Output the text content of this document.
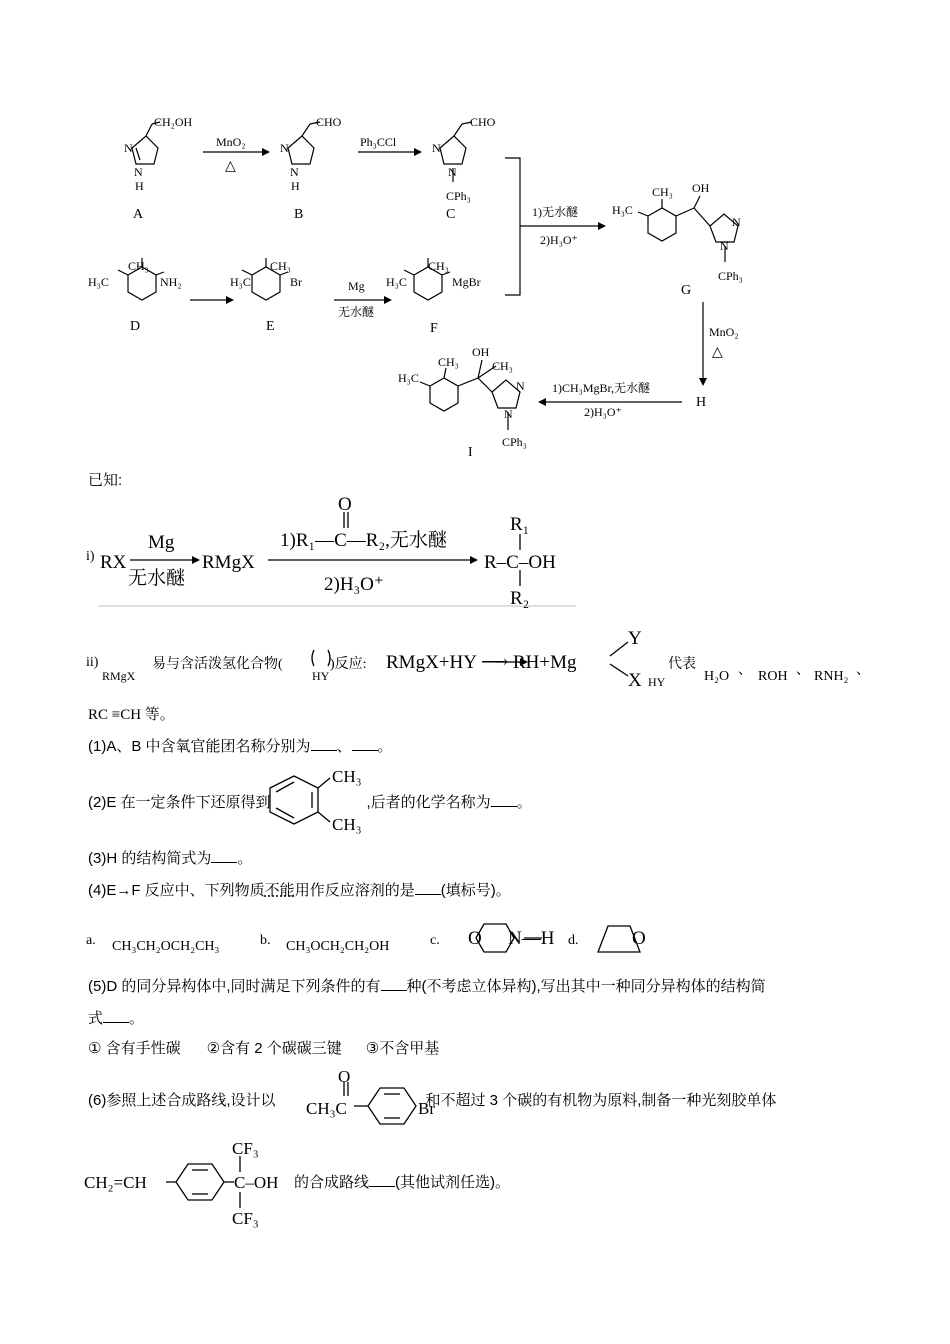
CH₂OH
N
N
H
A
MnO₂
△
CHO
N
N
H
B
Ph₃CCl
CHO
N
N
CPh₃
C	1)无水醚
2)H₃O⁺
H₃C
CH₃ OH
N
N
CPh₃
G
H₃C
CH₃
NH₂
D
H₃C
CH₃
Br
E
Mg
无水醚
H₃C
CH₃
MgBr
F	MnO₂
△
H
1)CH₃MgBr,无水醚
2)H₃O⁺
H₃C
CH₃
OH
CH₃
N
N
CPh₃
I
已知:
i) RX
Mg
无水醚
RMgX
O
1)R₁—C—R₂,无水醚
2)H₃O⁺
R–C–OH
R₁
R₂
ii)
RMgX
易与含活泼氢化合物(
HY
)反应: RMgX+HY ⟶ RH+Mg
Y
X HY
代表
H₂O 、 ROH 、 RNH₂ 、
RC ≡CH 等。
(1)A、B 中含氧官能团名称分别为 、 。
(2)E 在一定条件下还原得到	,后者的化学名称为 。
CH₃
CH₃
(3)H 的结构简式为 。
(4)E→F 反应中、下列物质不能用作反应溶剂的是 (填标号)。
a. CH₃CH₂OCH₂CH₃	b. CH₃OCH₂CH₂OH	c. O N—H d.	O
(5)D 的同分异构体中,同时满足下列条件的有 种(不考虑立体异构),写出其中一种同分异构体的结构简
式 。
① 含有手性碳 ②含有 2 个碳碳三键 ③不含甲基
(6)参照上述合成路线,设计以	和不超过 3 个碳的有机物为原料,制备一种光刻胶单体
O
CH₃C	Br
的合成路线 (其他试剂任选)。
CH₂=CH
CF₃
C–OH
CF₃
